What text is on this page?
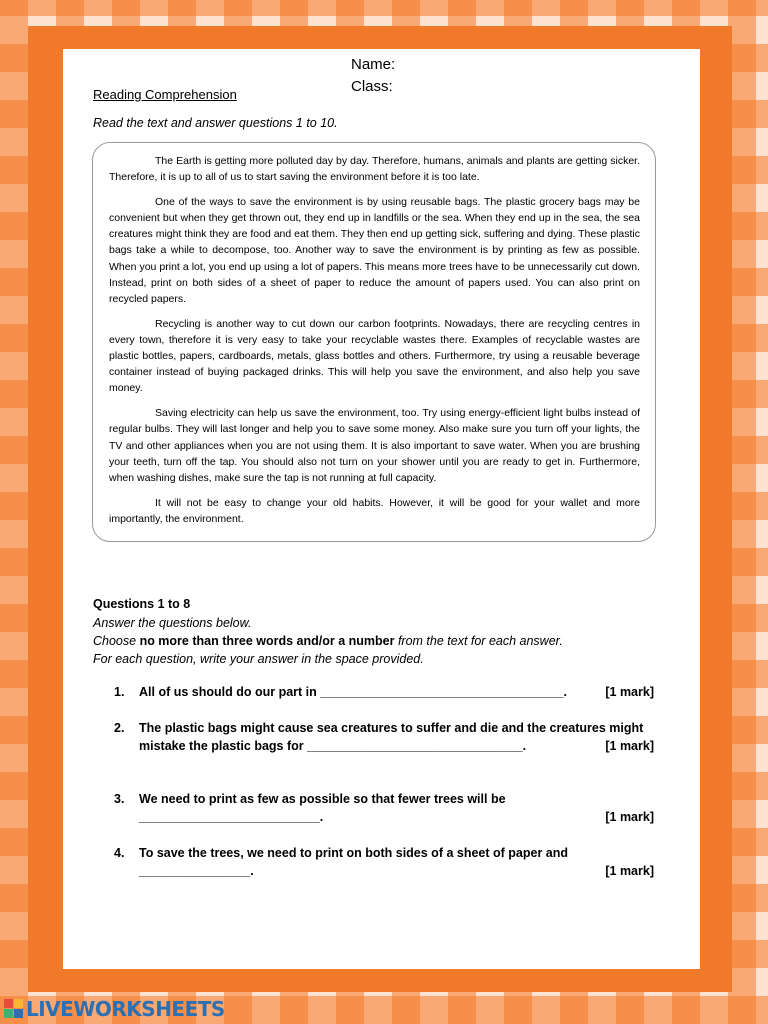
Name:
Class:
Reading Comprehension
Read the text and answer questions 1 to 10.

The Earth is getting more polluted day by day. Therefore, humans, animals and plants are getting sicker. Therefore, it is up to all of us to start saving the environment before it is too late.

One of the ways to save the environment is by using reusable bags. The plastic grocery bags may be convenient but when they get thrown out, they end up in landfills or the sea. When they end up in the sea, the sea creatures might think they are food and eat them. They then end up getting sick, suffering and dying. These plastic bags take a while to decompose, too. Another way to save the environment is by printing as few as possible. When you print a lot, you end up using a lot of papers. This means more trees have to be unnecessarily cut down. Instead, print on both sides of a sheet of paper to reduce the amount of papers used. You can also print on recycled papers.

Recycling is another way to cut down our carbon footprints. Nowadays, there are recycling centres in every town, therefore it is very easy to take your recyclable wastes there. Examples of recyclable wastes are plastic bottles, papers, cardboards, metals, glass bottles and others. Furthermore, try using a reusable beverage container instead of buying packaged drinks. This will help you save the environment, and also help you save money.

Saving electricity can help us save the environment, too. Try using energy-efficient light bulbs instead of regular bulbs. They will last longer and help you to save some money. Also make sure you turn off your lights, the TV and other appliances when you are not using them. It is also important to save water. When you are brushing your teeth, turn off the tap. You should also not turn on your shower until you are ready to get in. Furthermore, when washing dishes, make sure the tap is not running at full capacity.

It will not be easy to change your old habits. However, it will be good for your wallet and more importantly, the environment.

Questions 1 to 8
Answer the questions below.
Choose no more than three words and/or a number from the text for each answer.
For each question, write your answer in the space provided.
1. All of us should do our part in ___________________________________.	[1 mark]
2. The plastic bags might cause sea creatures to suffer and die and the creatures might mistake the plastic bags for _______________________________.	[1 mark]
3. We need to print as few as possible so that fewer trees will be __________________________.	[1 mark]
4. To save the trees, we need to print on both sides of a sheet of paper and ________________.	[1 mark]
LIVEWORKSHEETS
